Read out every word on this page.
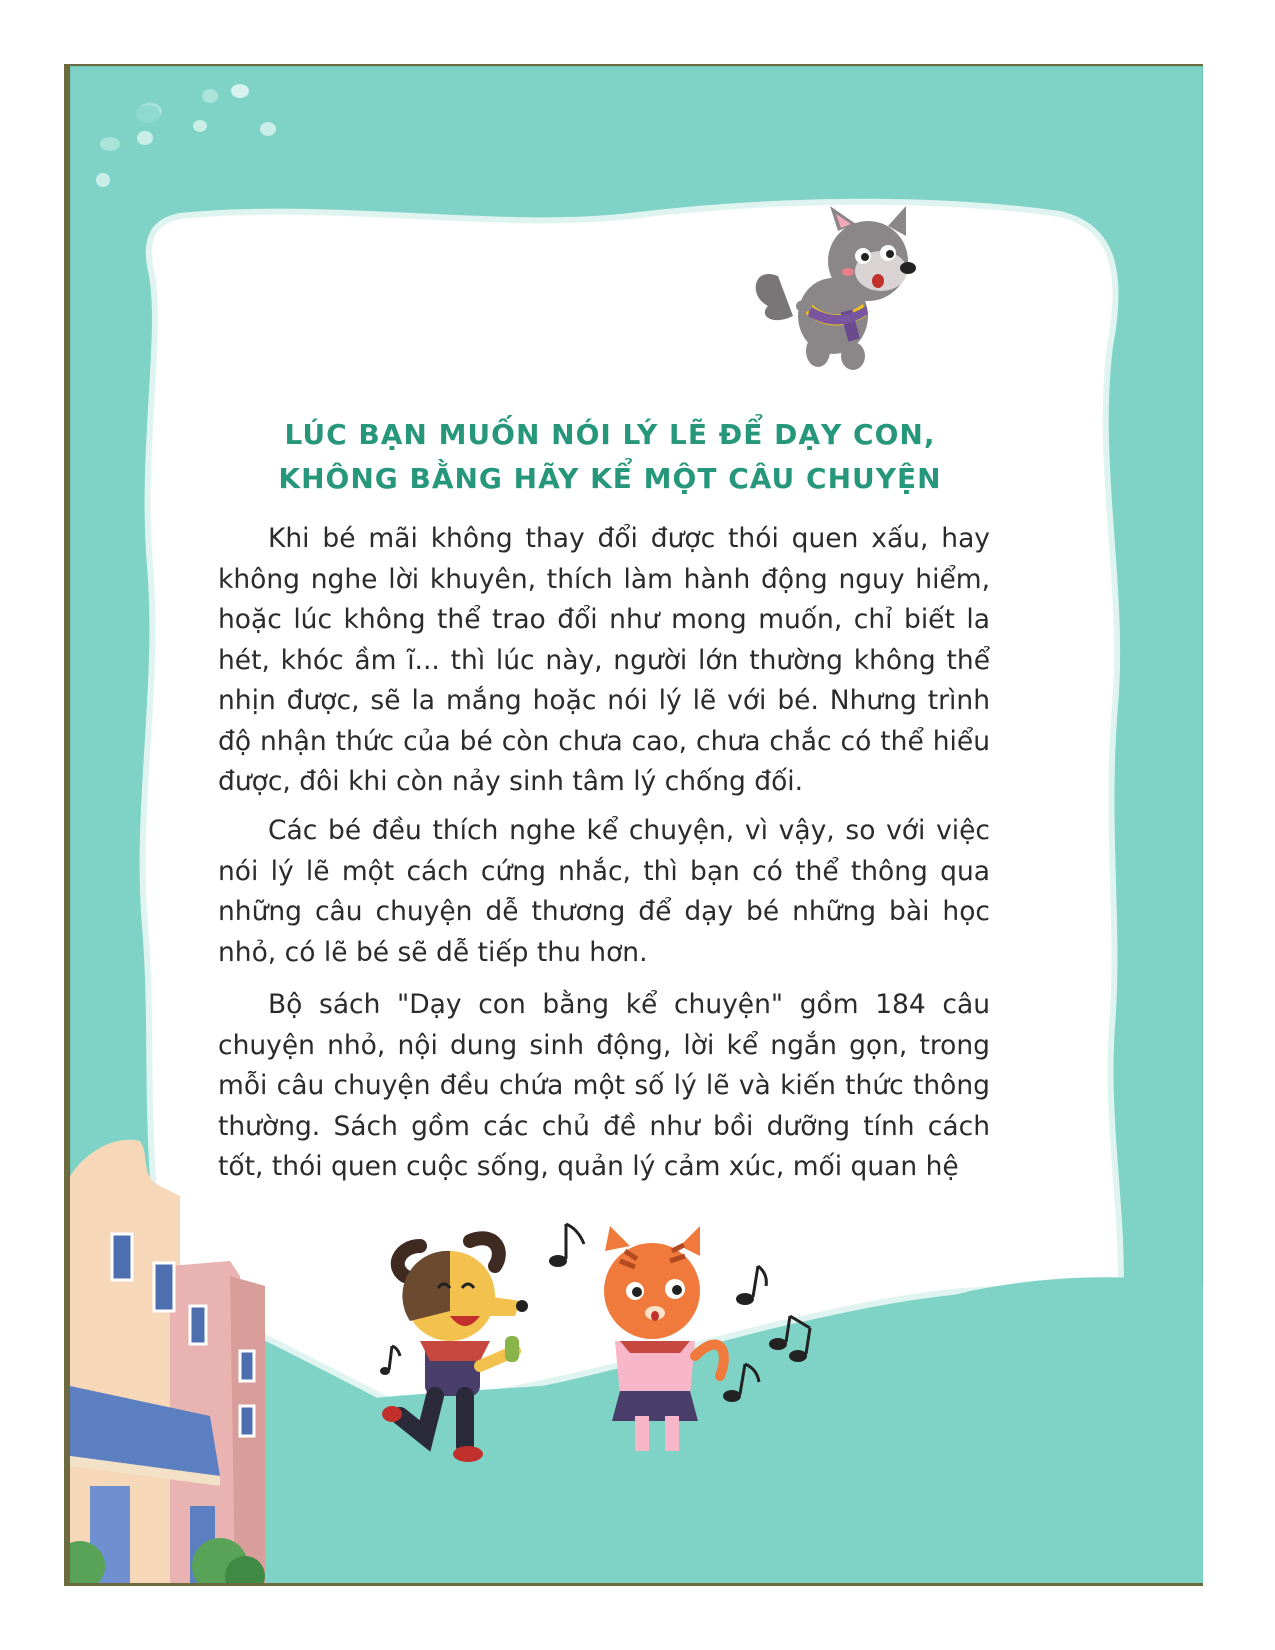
LÚC BẠN MUỐN NÓI LÝ LẼ ĐỂ DẠY CON,
KHÔNG BẰNG HÃY KỂ MỘT CÂU CHUYỆN

Khi bé mãi không thay đổi được thói quen xấu, hay không nghe lời khuyên, thích làm hành động nguy hiểm, hoặc lúc không thể trao đổi như mong muốn, chỉ biết la hét, khóc ầm ĩ... thì lúc này, người lớn thường không thể nhịn được, sẽ la mắng hoặc nói lý lẽ với bé. Nhưng trình độ nhận thức của bé còn chưa cao, chưa chắc có thể hiểu được, đôi khi còn nảy sinh tâm lý chống đối.

Các bé đều thích nghe kể chuyện, vì vậy, so với việc nói lý lẽ một cách cứng nhắc, thì bạn có thể thông qua những câu chuyện dễ thương để dạy bé những bài học nhỏ, có lẽ bé sẽ dễ tiếp thu hơn.

Bộ sách "Dạy con bằng kể chuyện" gồm 184 câu chuyện nhỏ, nội dung sinh động, lời kể ngắn gọn, trong mỗi câu chuyện đều chứa một số lý lẽ và kiến thức thông thường. Sách gồm các chủ đề như bồi dưỡng tính cách tốt, thói quen cuộc sống, quản lý cảm xúc, mối quan hệ
